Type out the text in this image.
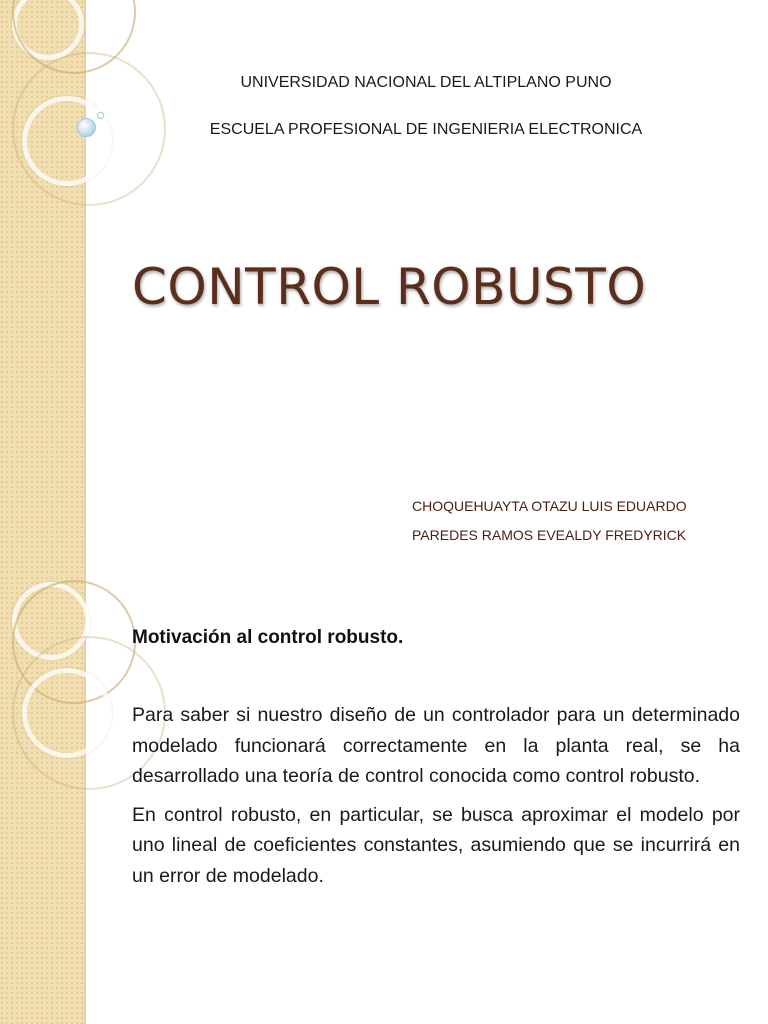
UNIVERSIDAD NACIONAL DEL ALTIPLANO PUNO
ESCUELA PROFESIONAL DE INGENIERIA ELECTRONICA
CONTROL ROBUSTO
CHOQUEHUAYTA OTAZU LUIS EDUARDO
PAREDES RAMOS EVEALDY FREDYRICK
Motivación al control robusto.

Para saber si nuestro diseño de un controlador para un determinado modelado funcionará correctamente en la planta real, se ha desarrollado una teoría de control conocida como control robusto.

En control robusto, en particular, se busca aproximar el modelo por uno lineal de coeficientes constantes, asumiendo que se incurrirá en un error de modelado.
